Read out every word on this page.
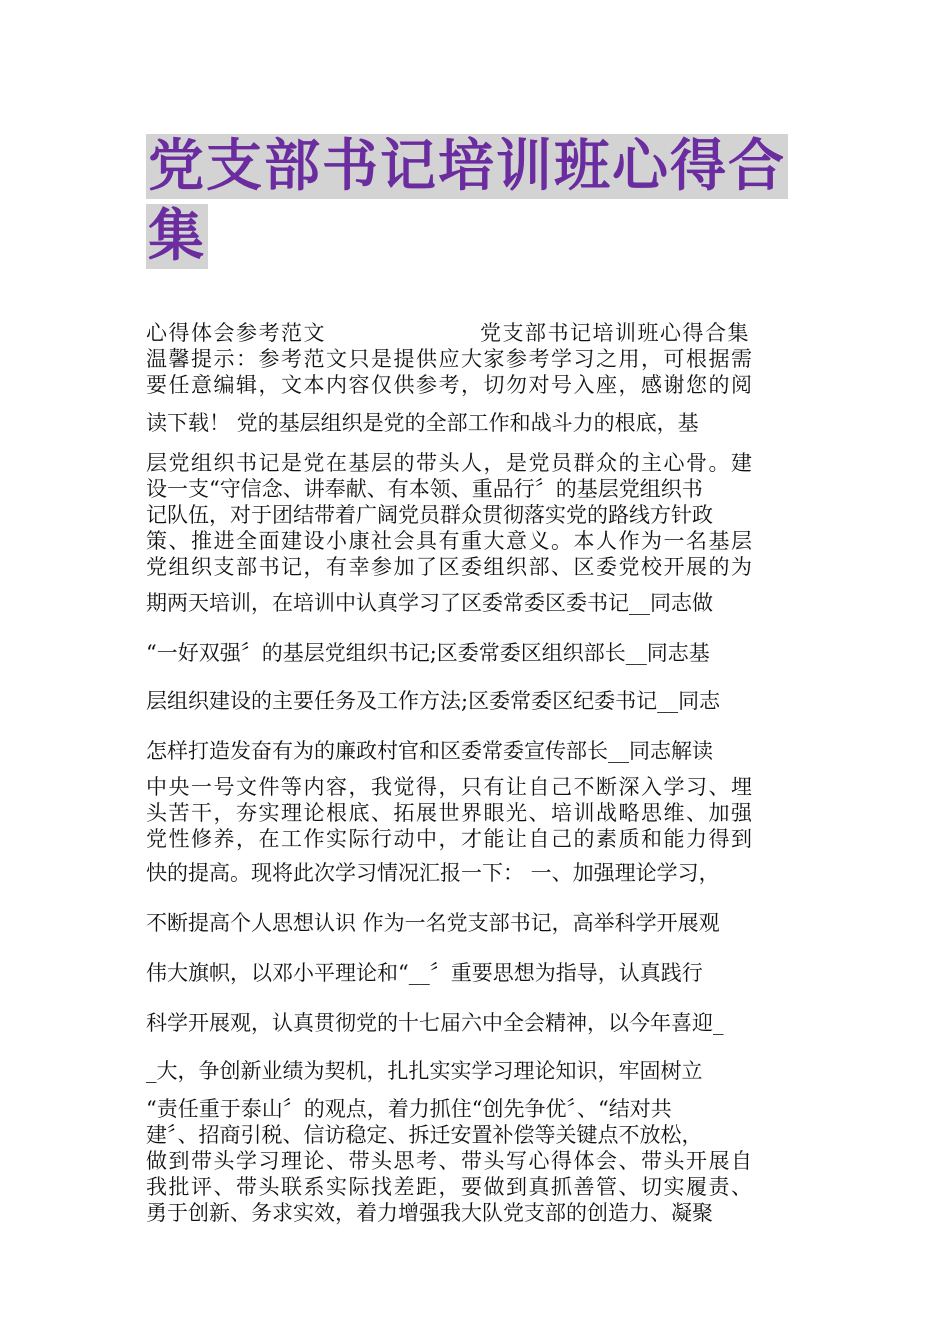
党支部书记培训班心得合
集
心得体会参考范文	党支部书记培训班心得合集

温馨提示：参考范文只是提供应大家参考学习之用，可根据需

要任意编辑，文本内容仅供参考，切勿对号入座，感谢您的阅

读下载！ 党的基层组织是党的全部工作和战斗力的根底，基

层党组织书记是党在基层的带头人，是党员群众的主心骨。建

设一支“守信念、讲奉献、有本领、重品行〞的基层党组织书

记队伍，对于团结带着广阔党员群众贯彻落实党的路线方针政

策、推进全面建设小康社会具有重大意义。本人作为一名基层

党组织支部书记，有幸参加了区委组织部、区委党校开展的为

期两天培训，在培训中认真学习了区委常委区委书记__同志做

“一好双强〞的基层党组织书记;区委常委区组织部长__同志基

层组织建设的主要任务及工作方法;区委常委区纪委书记__同志

怎样打造发奋有为的廉政村官和区委常委宣传部长__同志解读

中央一号文件等内容，我觉得，只有让自己不断深入学习、埋

头苦干，夯实理论根底、拓展世界眼光、培训战略思维、加强

党性修养，在工作实际行动中，才能让自己的素质和能力得到

快的提高。现将此次学习情况汇报一下： 一、加强理论学习，

不断提高个人思想认识 作为一名党支部书记，高举科学开展观

伟大旗帜，以邓小平理论和“__〞重要思想为指导，认真践行

科学开展观，认真贯彻党的十七届六中全会精神，以今年喜迎_

_大，争创新业绩为契机，扎扎实实学习理论知识，牢固树立

“责任重于泰山〞的观点，着力抓住“创先争优〞、“结对共

建〞、招商引税、信访稳定、拆迁安置补偿等关键点不放松，

做到带头学习理论、带头思考、带头写心得体会、带头开展自

我批评、带头联系实际找差距，要做到真抓善管、切实履责、

勇于创新、务求实效，着力增强我大队党支部的创造力、凝聚
